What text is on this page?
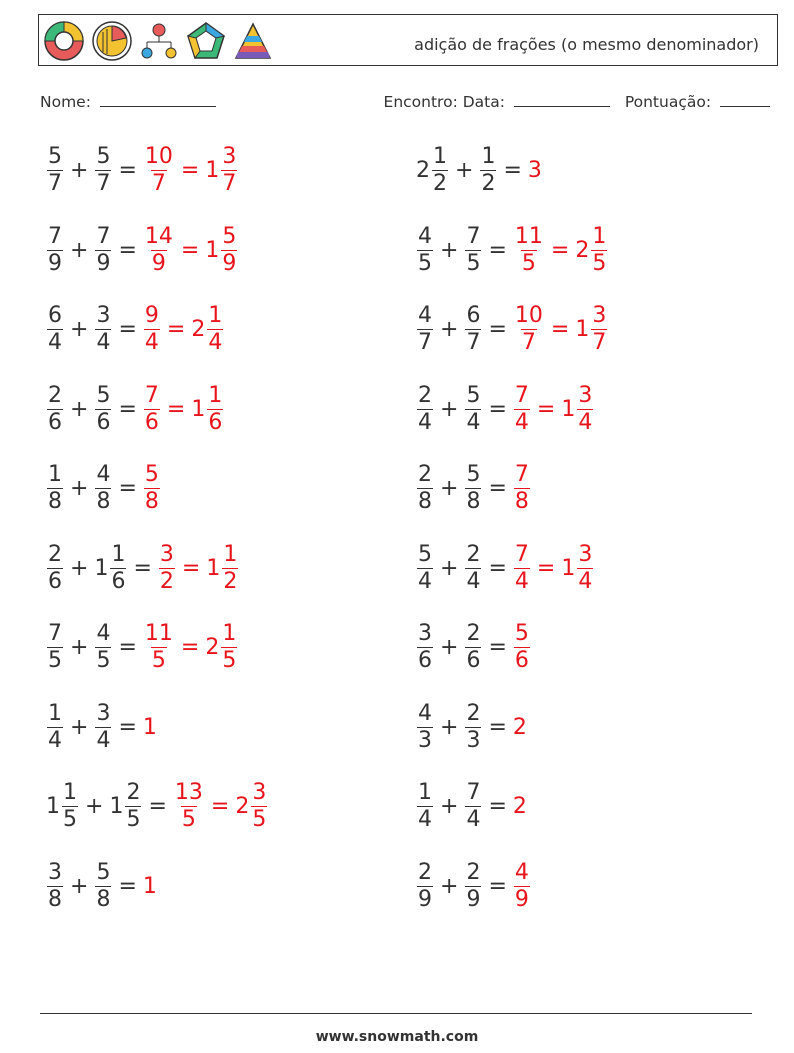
adição de frações (o mesmo denominador)
Nome:	Encontro: Data:	Pontuação:
$\frac{5}{7} + \frac{5}{7} = \frac{10}{7} = 1 \frac{3}{7}$
$\frac{7}{9} + \frac{7}{9} = \frac{14}{9} = 1 \frac{5}{9}$
$\frac{6}{4} + \frac{3}{4} = \frac{9}{4} = 2 \frac{1}{4}$
$\frac{2}{6} + \frac{5}{6} = \frac{7}{6} = 1 \frac{1}{6}$
$\frac{1}{8} + \frac{4}{8} = \frac{5}{8}$
$\frac{2}{6} + 1 \frac{1}{6} = \frac{3}{2} = 1 \frac{1}{2}$
$\frac{7}{5} + \frac{4}{5} = \frac{11}{5} = 2 \frac{1}{5}$
$\frac{1}{4} + \frac{3}{4} = 1$
$1 \frac{1}{5} + 1 \frac{2}{5} = \frac{13}{5} = 2 \frac{3}{5}$
$\frac{3}{8} + \frac{5}{8} = 1$
$2 \frac{1}{2} + \frac{1}{2} = 3$
$\frac{4}{5} + \frac{7}{5} = \frac{11}{5} = 2 \frac{1}{5}$
$\frac{4}{7} + \frac{6}{7} = \frac{10}{7} = 1 \frac{3}{7}$
$\frac{2}{4} + \frac{5}{4} = \frac{7}{4} = 1 \frac{3}{4}$
$\frac{2}{8} + \frac{5}{8} = \frac{7}{8}$
$\frac{5}{4} + \frac{2}{4} = \frac{7}{4} = 1 \frac{3}{4}$
$\frac{3}{6} + \frac{2}{6} = \frac{5}{6}$
$\frac{4}{3} + \frac{2}{3} = 2$
$\frac{1}{4} + \frac{7}{4} = 2$
$\frac{2}{9} + \frac{2}{9} = \frac{4}{9}$
www.snowmath.com
